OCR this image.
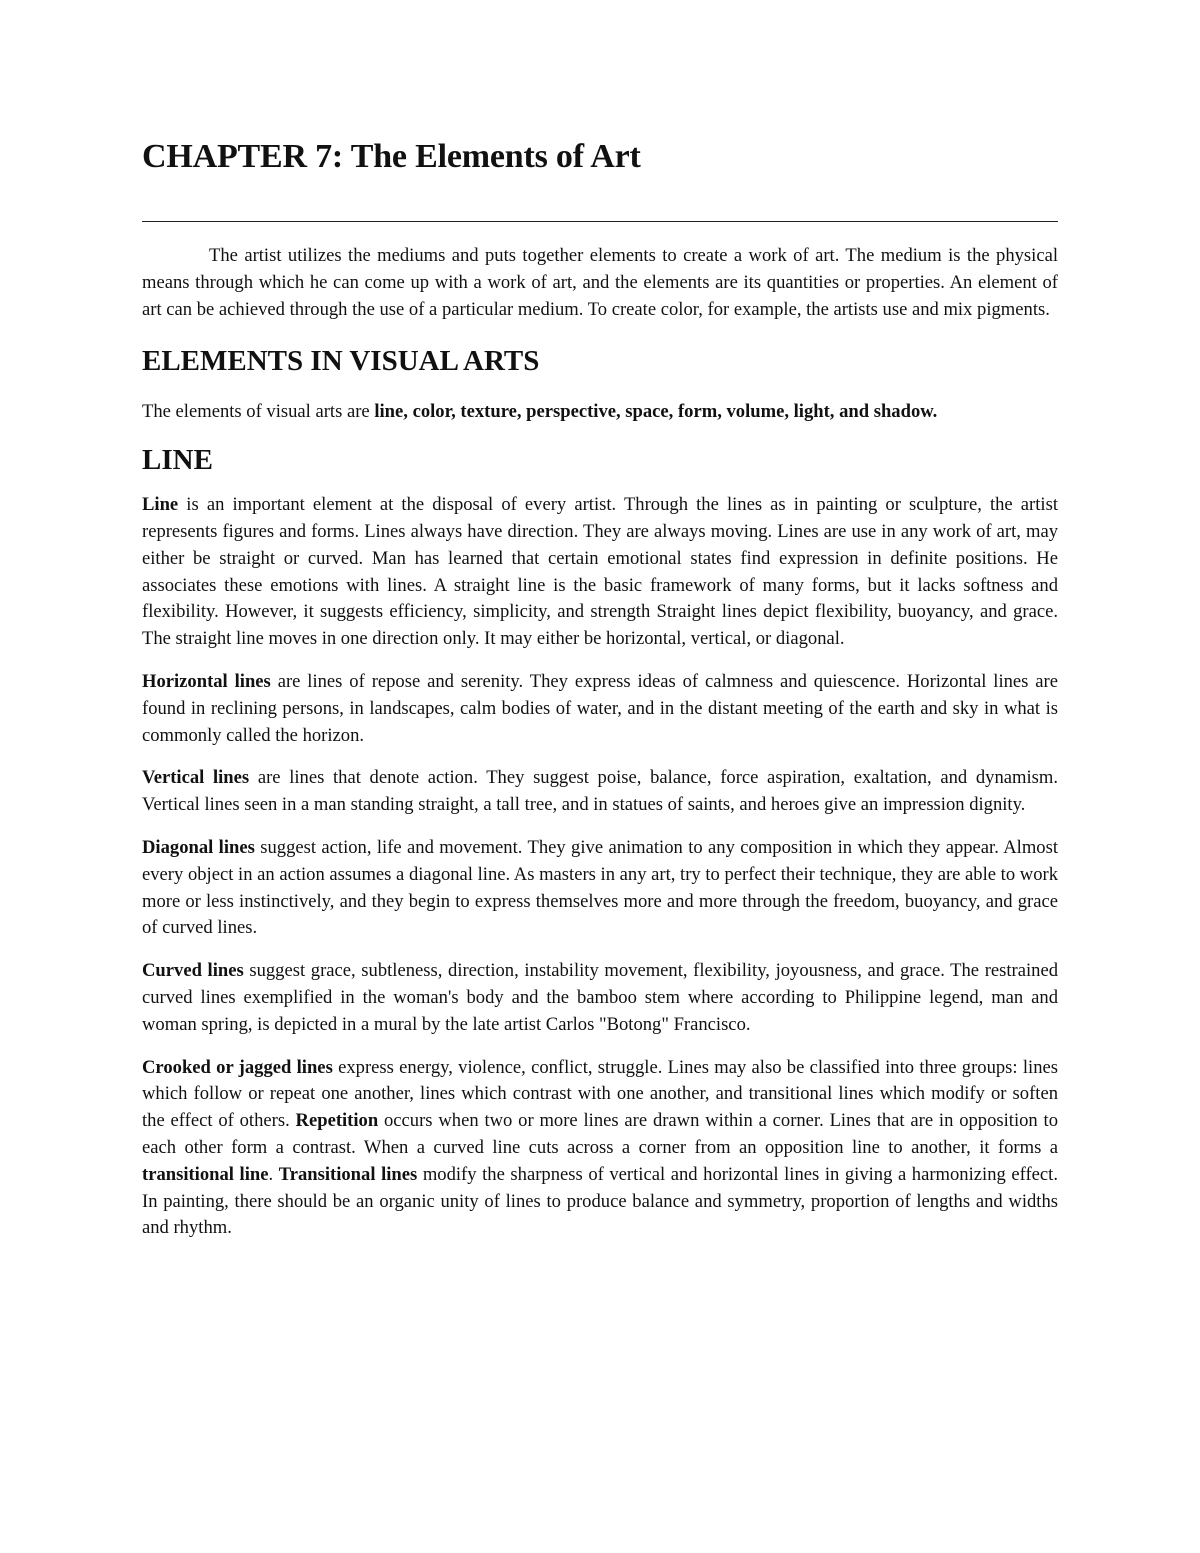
CHAPTER 7: The Elements of Art

The artist utilizes the mediums and puts together elements to create a work of art. The medium is the physical means through which he can come up with a work of art, and the elements are its quantities or properties. An element of art can be achieved through the use of a particular medium. To create color, for example, the artists use and mix pigments.

ELEMENTS IN VISUAL ARTS

The elements of visual arts are line, color, texture, perspective, space, form, volume, light, and shadow.

LINE

Line is an important element at the disposal of every artist. Through the lines as in painting or sculpture, the artist represents figures and forms. Lines always have direction. They are always moving. Lines are use in any work of art, may either be straight or curved. Man has learned that certain emotional states find expression in definite positions. He associates these emotions with lines. A straight line is the basic framework of many forms, but it lacks softness and flexibility. However, it suggests efficiency, simplicity, and strength Straight lines depict flexibility, buoyancy, and grace. The straight line moves in one direction only. It may either be horizontal, vertical, or diagonal.

Horizontal lines are lines of repose and serenity. They express ideas of calmness and quiescence. Horizontal lines are found in reclining persons, in landscapes, calm bodies of water, and in the distant meeting of the earth and sky in what is commonly called the horizon.

Vertical lines are lines that denote action. They suggest poise, balance, force aspiration, exaltation, and dynamism. Vertical lines seen in a man standing straight, a tall tree, and in statues of saints, and heroes give an impression dignity.

Diagonal lines suggest action, life and movement. They give animation to any composition in which they appear. Almost every object in an action assumes a diagonal line. As masters in any art, try to perfect their technique, they are able to work more or less instinctively, and they begin to express themselves more and more through the freedom, buoyancy, and grace of curved lines.

Curved lines suggest grace, subtleness, direction, instability movement, flexibility, joyousness, and grace. The restrained curved lines exemplified in the woman's body and the bamboo stem where according to Philippine legend, man and woman spring, is depicted in a mural by the late artist Carlos "Botong" Francisco.

Crooked or jagged lines express energy, violence, conflict, struggle. Lines may also be classified into three groups: lines which follow or repeat one another, lines which contrast with one another, and transitional lines which modify or soften the effect of others. Repetition occurs when two or more lines are drawn within a corner. Lines that are in opposition to each other form a contrast. When a curved line cuts across a corner from an opposition line to another, it forms a transitional line. Transitional lines modify the sharpness of vertical and horizontal lines in giving a harmonizing effect. In painting, there should be an organic unity of lines to produce balance and symmetry, proportion of lengths and widths and rhythm.
